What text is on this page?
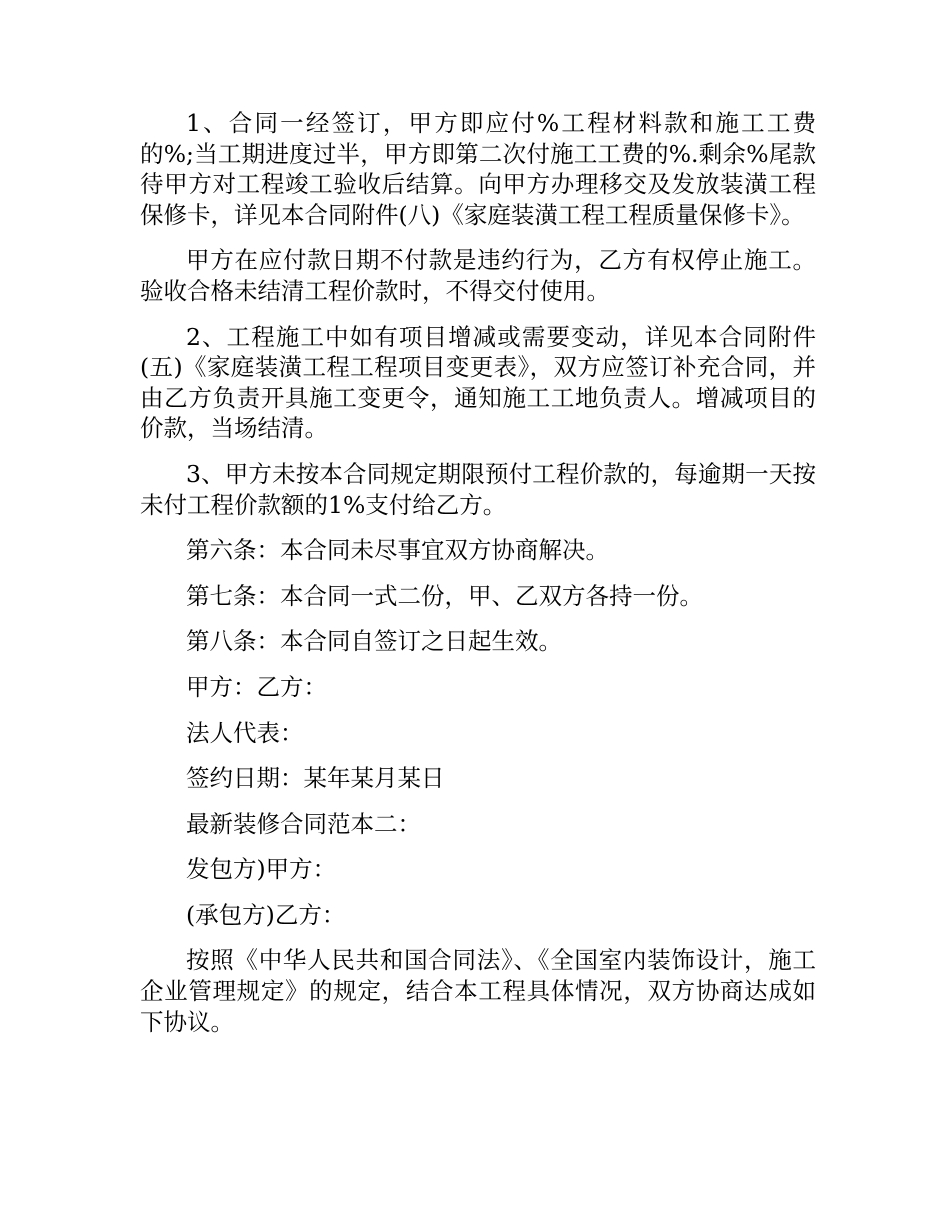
1、合同一经签订，甲方即应付%工程材料款和施工工费的%;当工期进度过半，甲方即第二次付施工工费的%.剩余%尾款待甲方对工程竣工验收后结算。向甲方办理移交及发放装潢工程保修卡，详见本合同附件(八)《家庭装潢工程工程质量保修卡》。

甲方在应付款日期不付款是违约行为，乙方有权停止施工。验收合格未结清工程价款时，不得交付使用。

2、工程施工中如有项目增减或需要变动，详见本合同附件(五)《家庭装潢工程工程项目变更表》，双方应签订补充合同，并由乙方负责开具施工变更令，通知施工工地负责人。增减项目的价款，当场结清。

3、甲方未按本合同规定期限预付工程价款的，每逾期一天按未付工程价款额的1%支付给乙方。

第六条：本合同未尽事宜双方协商解决。

第七条：本合同一式二份，甲、乙双方各持一份。

第八条：本合同自签订之日起生效。

甲方：乙方：

法人代表：

签约日期：某年某月某日

最新装修合同范本二：

发包方)甲方：

(承包方)乙方：

按照《中华人民共和国合同法》、《全国室内装饰设计，施工企业管理规定》的规定，结合本工程具体情况，双方协商达成如下协议。
